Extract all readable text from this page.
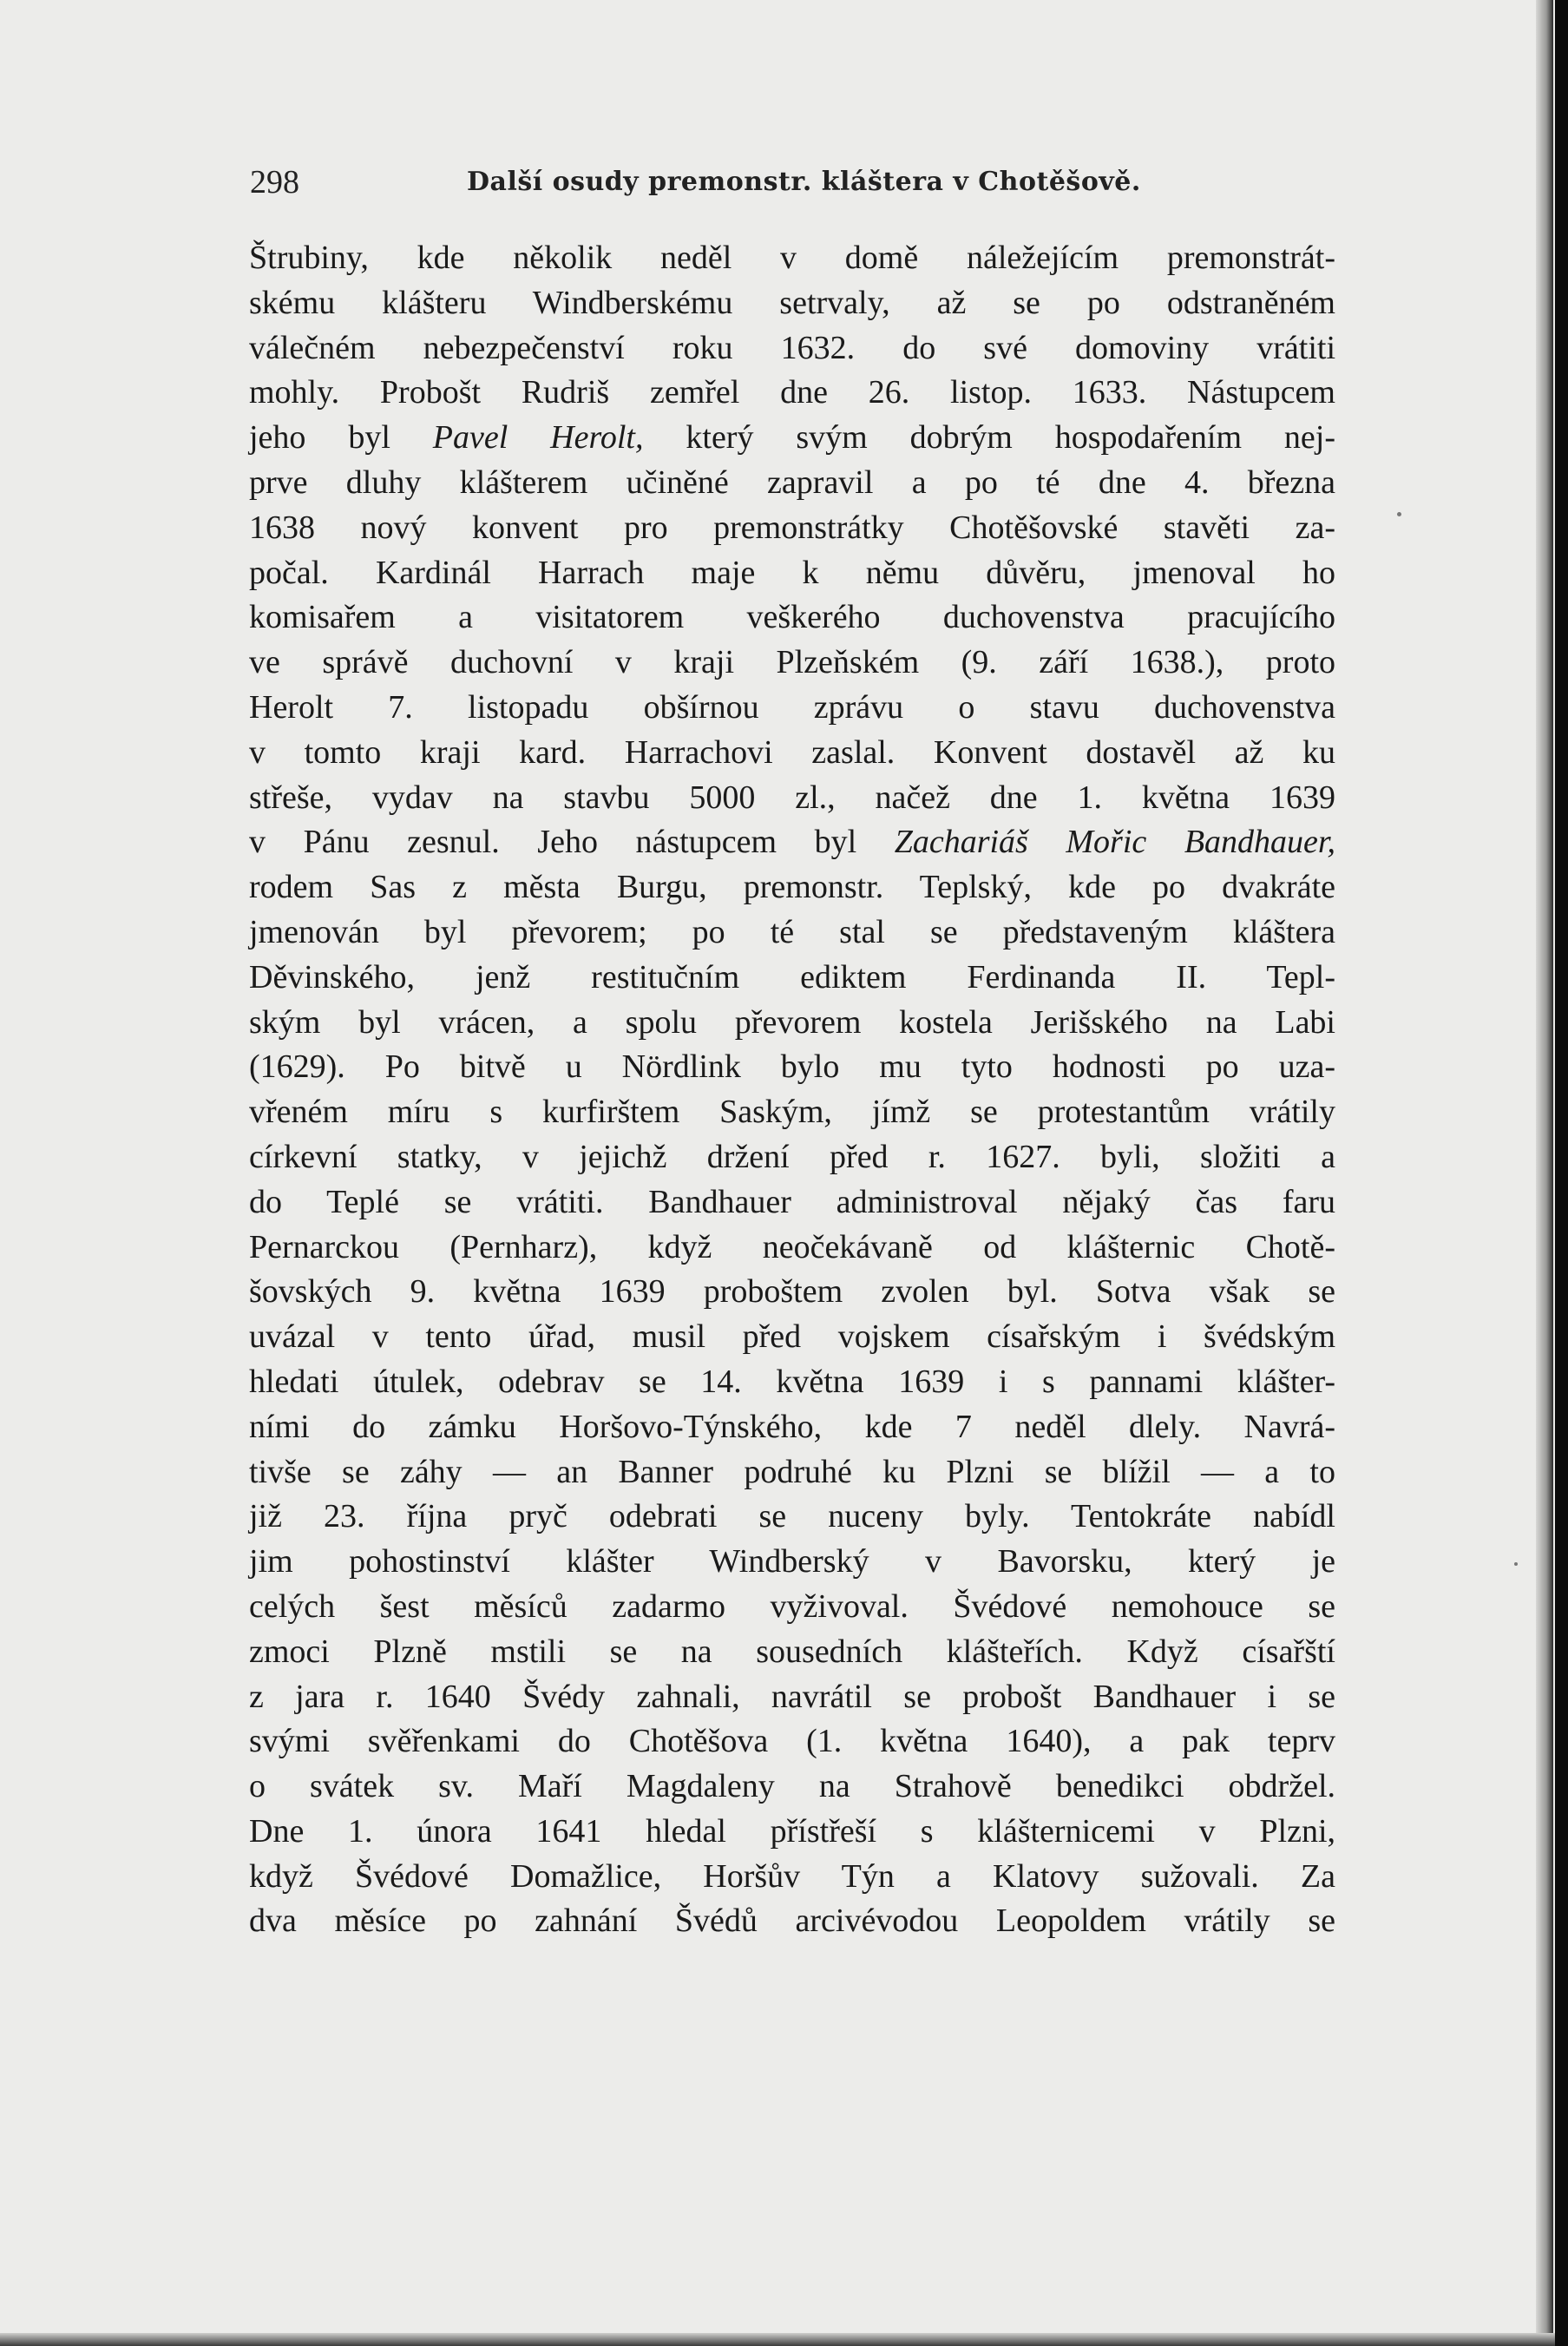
298	Další osudy premonstr. kláštera v Chotěšově.
Štrubiny, kde několik neděl v domě náležejícím premonstrát-
skému klášteru Windberskému setrvaly, až se po odstraněném
válečném nebezpečenství roku 1632. do své domoviny vrátiti
mohly. Probošt Rudriš zemřel dne 26. listop. 1633. Nástupcem
jeho byl Pavel Herolt, který svým dobrým hospodařením nej-
prve dluhy klášterem učiněné zapravil a po té dne 4. března
1638 nový konvent pro premonstrátky Chotěšovské stavěti za-
počal. Kardinál Harrach maje k němu důvěru, jmenoval ho
komisařem a visitatorem veškerého duchovenstva pracujícího
ve správě duchovní v kraji Plzeňském (9. září 1638.), proto
Herolt 7. listopadu obšírnou zprávu o stavu duchovenstva
v tomto kraji kard. Harrachovi zaslal. Konvent dostavěl až ku
střeše, vydav na stavbu 5000 zl., načež dne 1. května 1639
v Pánu zesnul. Jeho nástupcem byl Zachariáš Mořic Bandhauer,
rodem Sas z města Burgu, premonstr. Teplský, kde po dvakráte
jmenován byl převorem; po té stal se představeným kláštera
Děvinského, jenž restitučním ediktem Ferdinanda II. Tepl-
ským byl vrácen, a spolu převorem kostela Jerišského na Labi
(1629). Po bitvě u Nördlink bylo mu tyto hodnosti po uza-
vřeném míru s kurfirštem Saským, jímž se protestantům vrátily
církevní statky, v jejichž držení před r. 1627. byli, složiti a
do Teplé se vrátiti. Bandhauer administroval nějaký čas faru
Pernarckou (Pernharz), když neočekávaně od klášternic Chotě-
šovských 9. května 1639 proboštem zvolen byl. Sotva však se
uvázal v tento úřad, musil před vojskem císařským i švédským
hledati útulek, odebrav se 14. května 1639 i s pannami klášter-
ními do zámku Horšovo-Týnského, kde 7 neděl dlely. Navrá-
tivše se záhy — an Banner podruhé ku Plzni se blížil — a to
již 23. října pryč odebrati se nuceny byly. Tentokráte nabídl
jim pohostinství klášter Windberský v Bavorsku, který je
celých šest měsíců zadarmo vyživoval. Švédové nemohouce se
zmoci Plzně mstili se na sousedních klášteřích. Když císařští
z jara r. 1640 Švédy zahnali, navrátil se probošt Bandhauer i se
svými svěřenkami do Chotěšova (1. května 1640), a pak teprv
o svátek sv. Maří Magdaleny na Strahově benedikci obdržel.
Dne 1. února 1641 hledal přístřeší s klášternicemi v Plzni,
když Švédové Domažlice, Horšův Týn a Klatovy sužovali. Za
dva měsíce po zahnání Švédů arcivévodou Leopoldem vrátily se
